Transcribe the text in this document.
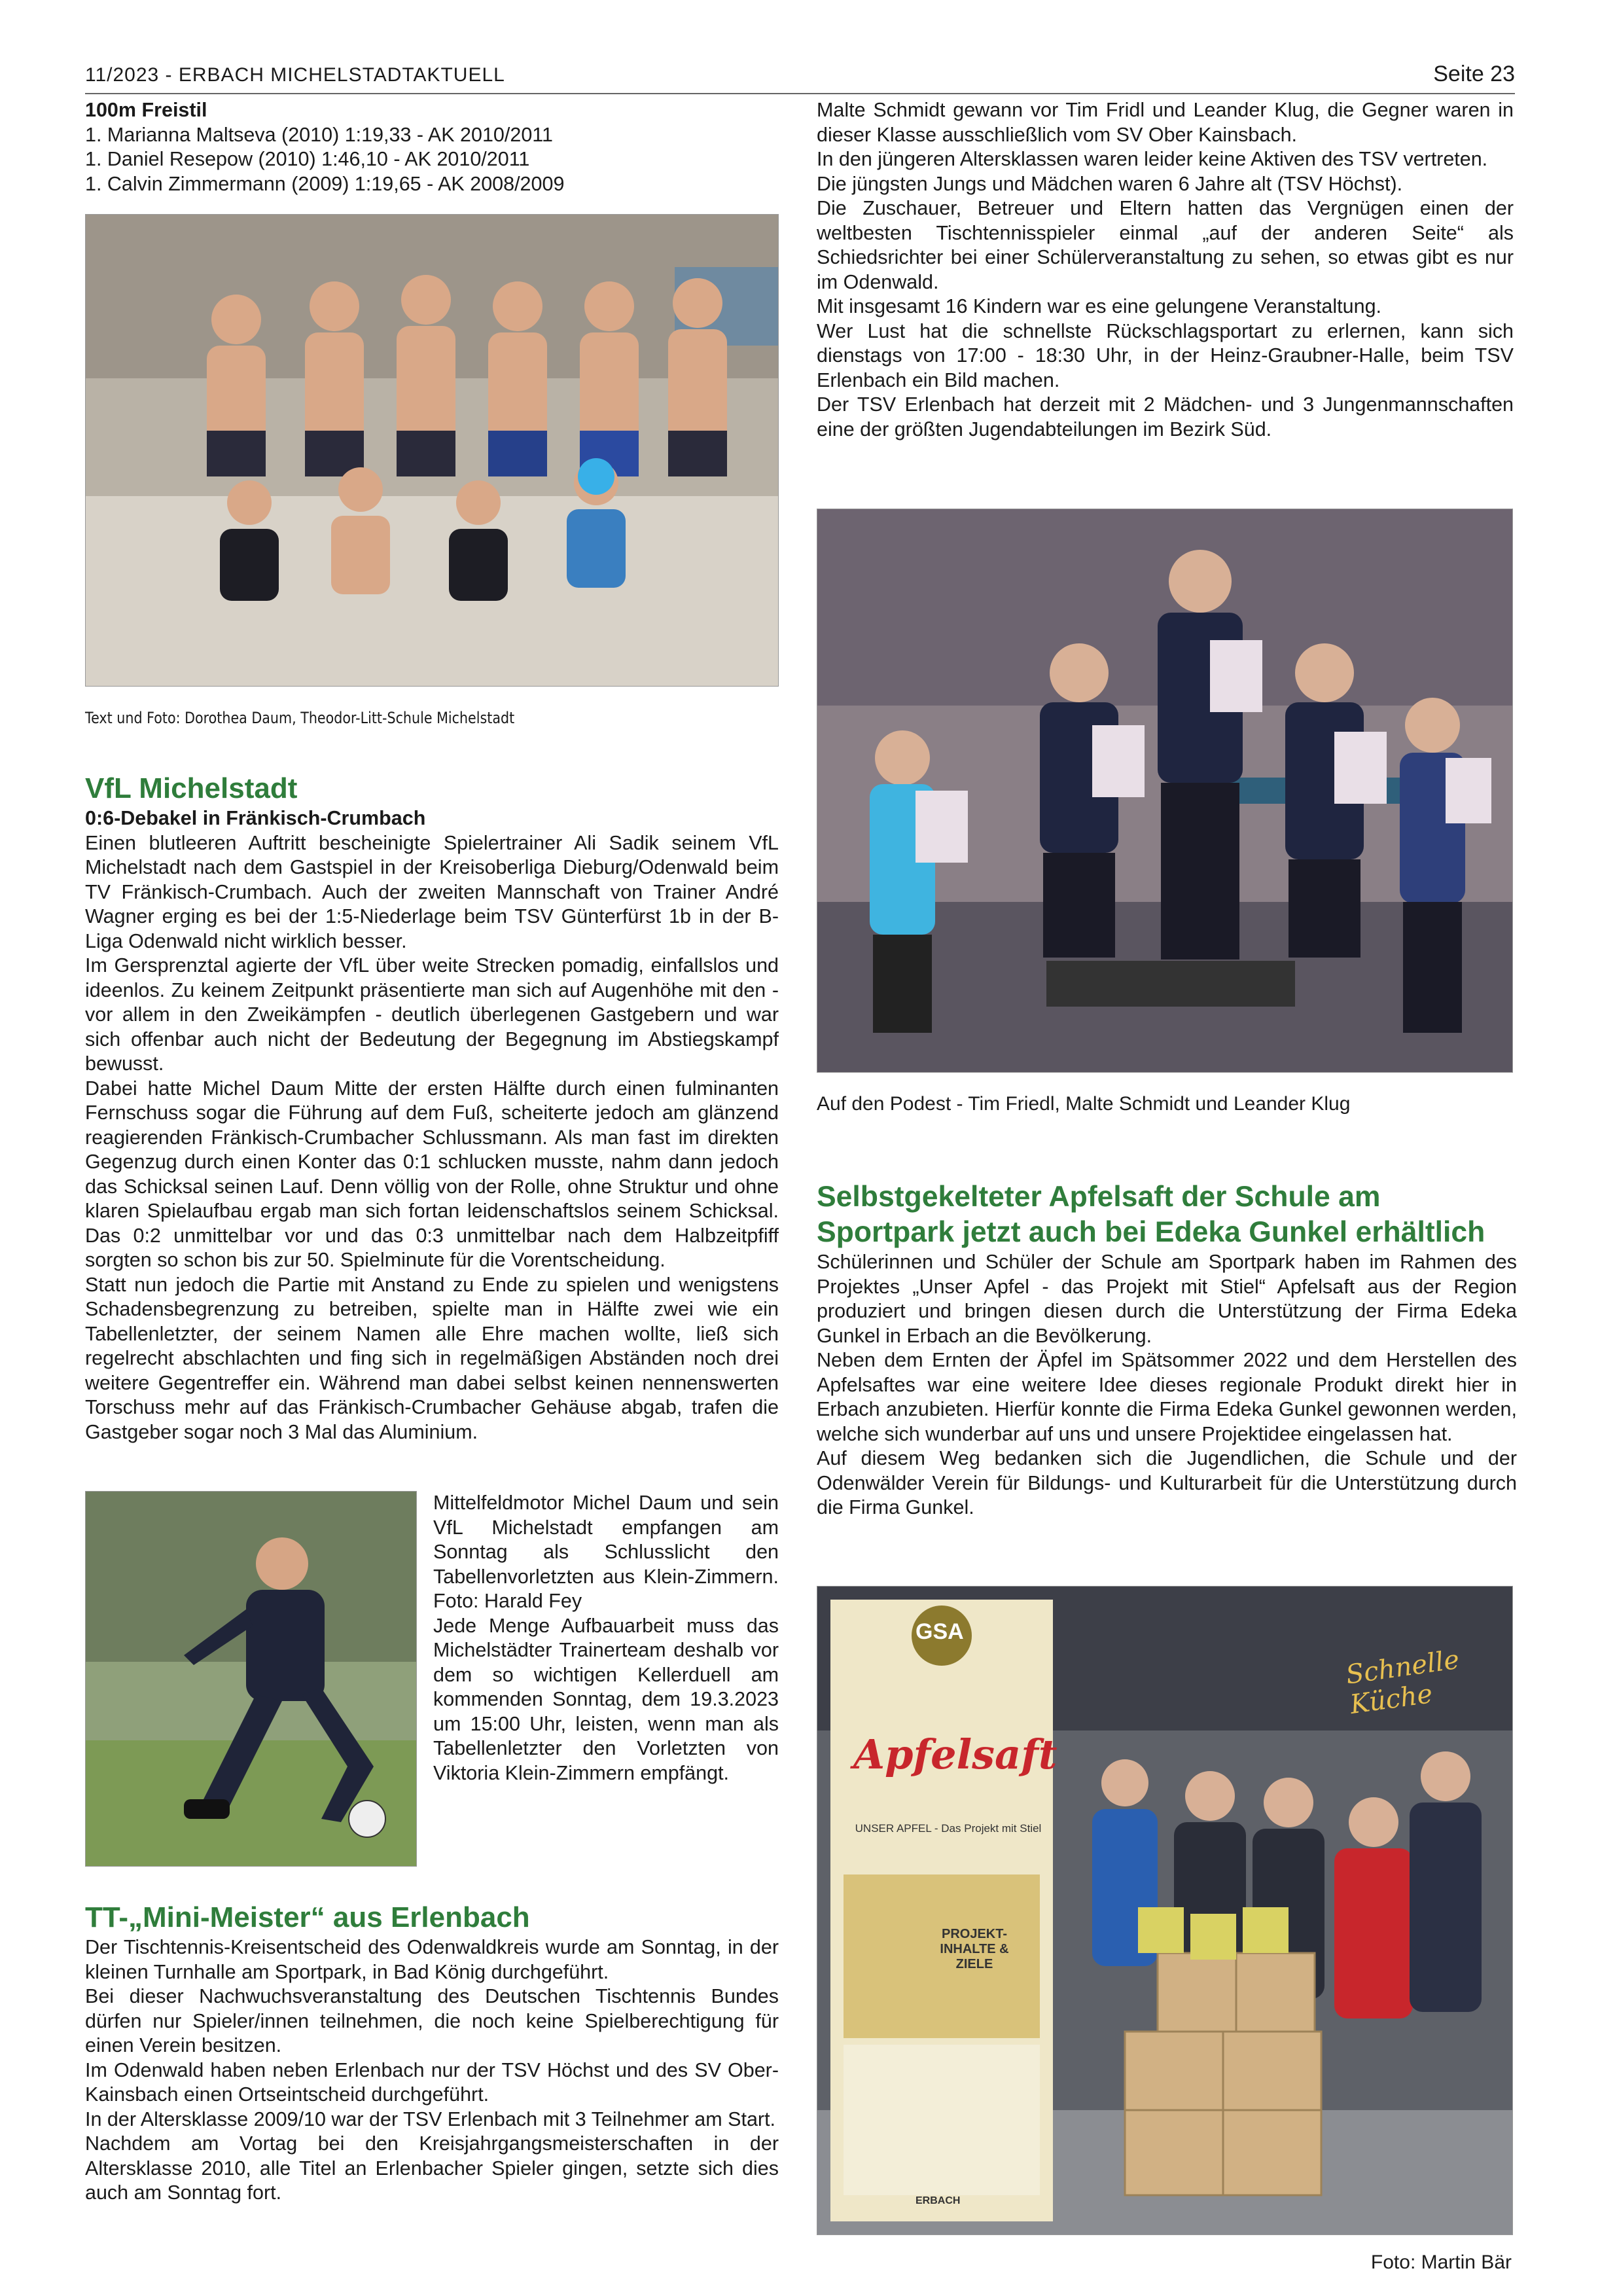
11/2023 - ERBACH MICHELSTADTAKTUELL	Seite 23

100m Freistil

1. Marianna Maltseva (2010) 1:19,33 - AK 2010/2011

1. Daniel Resepow (2010) 1:46,10 - AK 2010/2011

1. Calvin Zimmermann (2009) 1:19,65 - AK 2008/2009

Text und Foto: Dorothea Daum, Theodor-Litt-Schule Michelstadt
VfL Michelstadt

0:6-Debakel in Fränkisch-Crumbach

Einen blutleeren Auftritt bescheinigte Spielertrainer Ali Sadik seinem VfL Michelstadt nach dem Gastspiel in der Kreisoberliga Dieburg/Odenwald beim TV Fränkisch-Crumbach. Auch der zweiten Mannschaft von Trainer André Wagner erging es bei der 1:5-Niederlage beim TSV Günterfürst 1b in der B-Liga Odenwald nicht wirklich besser.

Im Gersprenztal agierte der VfL über weite Strecken pomadig, einfallslos und ideenlos. Zu keinem Zeitpunkt präsentierte man sich auf Augenhöhe mit den - vor allem in den Zweikämpfen - deutlich überlegenen Gastgebern und war sich offenbar auch nicht der Bedeutung der Begegnung im Abstiegskampf bewusst.

Dabei hatte Michel Daum Mitte der ersten Hälfte durch einen fulminanten Fernschuss sogar die Führung auf dem Fuß, scheiterte jedoch am glänzend reagierenden Fränkisch-Crumbacher Schlussmann. Als man fast im direkten Gegenzug durch einen Konter das 0:1 schlucken musste, nahm dann jedoch das Schicksal seinen Lauf. Denn völlig von der Rolle, ohne Struktur und ohne klaren Spielaufbau ergab man sich fortan leidenschaftslos seinem Schicksal. Das 0:2 unmittelbar vor und das 0:3 unmittelbar nach dem Halbzeitpfiff sorgten so schon bis zur 50. Spielminute für die Vorentscheidung.

Statt nun jedoch die Partie mit Anstand zu Ende zu spielen und wenigstens Schadensbegrenzung zu betreiben, spielte man in Hälfte zwei wie ein Tabellenletzter, der seinem Namen alle Ehre machen wollte, ließ sich regelrecht abschlachten und fing sich in regelmäßigen Abständen noch drei weitere Gegentreffer ein. Während man dabei selbst keinen nennenswerten Torschuss mehr auf das Fränkisch-Crumbacher Gehäuse abgab, trafen die Gastgeber sogar noch 3 Mal das Aluminium.

Mittelfeldmotor Michel Daum und sein VfL Michelstadt empfangen am Sonntag als Schlusslicht den Tabellenvorletzten aus Klein-Zimmern. Foto: Harald Fey

Jede Menge Aufbauarbeit muss das Michelstädter Trainerteam deshalb vor dem so wichtigen Kellerduell am kommenden Sonntag, dem 19.3.2023 um 15:00 Uhr, leisten, wenn man als Tabellenletzter den Vorletzten von Viktoria Klein-Zimmern empfängt.

TT-„Mini-Meister“ aus Erlenbach

Der Tischtennis-Kreisentscheid des Odenwaldkreis wurde am Sonntag, in der kleinen Turnhalle am Sportpark, in Bad König durchgeführt.

Bei dieser Nachwuchsveranstaltung des Deutschen Tischtennis Bundes dürfen nur Spieler/innen teilnehmen, die noch keine Spielberechtigung für einen Verein besitzen.

Im Odenwald haben neben Erlenbach nur der TSV Höchst und des SV Ober-Kainsbach einen Ortseintscheid durchgeführt.

In der Altersklasse 2009/10 war der TSV Erlenbach mit 3 Teilnehmer am Start.

Nachdem am Vortag bei den Kreisjahrgangsmeisterschaften in der Altersklasse 2010, alle Titel an Erlenbacher Spieler gingen, setzte sich dies auch am Sonntag fort.

Malte Schmidt gewann vor Tim Fridl und Leander Klug, die Gegner waren in dieser Klasse ausschließlich vom SV Ober Kainsbach.

In den jüngeren Altersklassen waren leider keine Aktiven des TSV vertreten.

Die jüngsten Jungs und Mädchen waren 6 Jahre alt (TSV Höchst).

Die Zuschauer, Betreuer und Eltern hatten das Vergnügen einen der weltbesten Tischtennisspieler einmal „auf der anderen Seite“ als Schiedsrichter bei einer Schülerveranstaltung zu sehen, so etwas gibt es nur im Odenwald.

Mit insgesamt 16 Kindern war es eine gelungene Veranstaltung.

Wer Lust hat die schnellste Rückschlagsportart zu erlernen, kann sich dienstags von 17:00 - 18:30 Uhr, in der Heinz-Graubner-Halle, beim TSV Erlenbach ein Bild machen.

Der TSV Erlenbach hat derzeit mit 2 Mädchen- und 3 Jungenmannschaften eine der größten Jugendabteilungen im Bezirk Süd.

Auf den Podest - Tim Friedl, Malte Schmidt und Leander Klug
Selbstgekelteter Apfelsaft der Schule am
Sportpark jetzt auch bei Edeka Gunkel erhältlich

Schülerinnen und Schüler der Schule am Sportpark haben im Rahmen des Projektes „Unser Apfel - das Projekt mit Stiel“ Apfelsaft aus der Region produziert und bringen diesen durch die Unterstützung der Firma Edeka Gunkel in Erbach an die Bevölkerung.

Neben dem Ernten der Äpfel im Spätsommer 2022 und dem Herstellen des Apfelsaftes war eine weitere Idee dieses regionale Produkt direkt hier in Erbach anzubieten. Hierfür konnte die Firma Edeka Gunkel gewonnen werden, welche sich wunderbar auf uns und unsere Projektidee eingelassen hat.

Auf diesem Weg bedanken sich die Jugendlichen, die Schule und der Odenwälder Verein für Bildungs- und Kulturarbeit für die Unterstützung durch die Firma Gunkel.

GSA
Apfelsaft
UNSER APFEL - Das Projekt mit Stiel
PROJEKT-INHALTE & ZIELE
ERBACH
Schnelle Küche
Foto: Martin Bär
